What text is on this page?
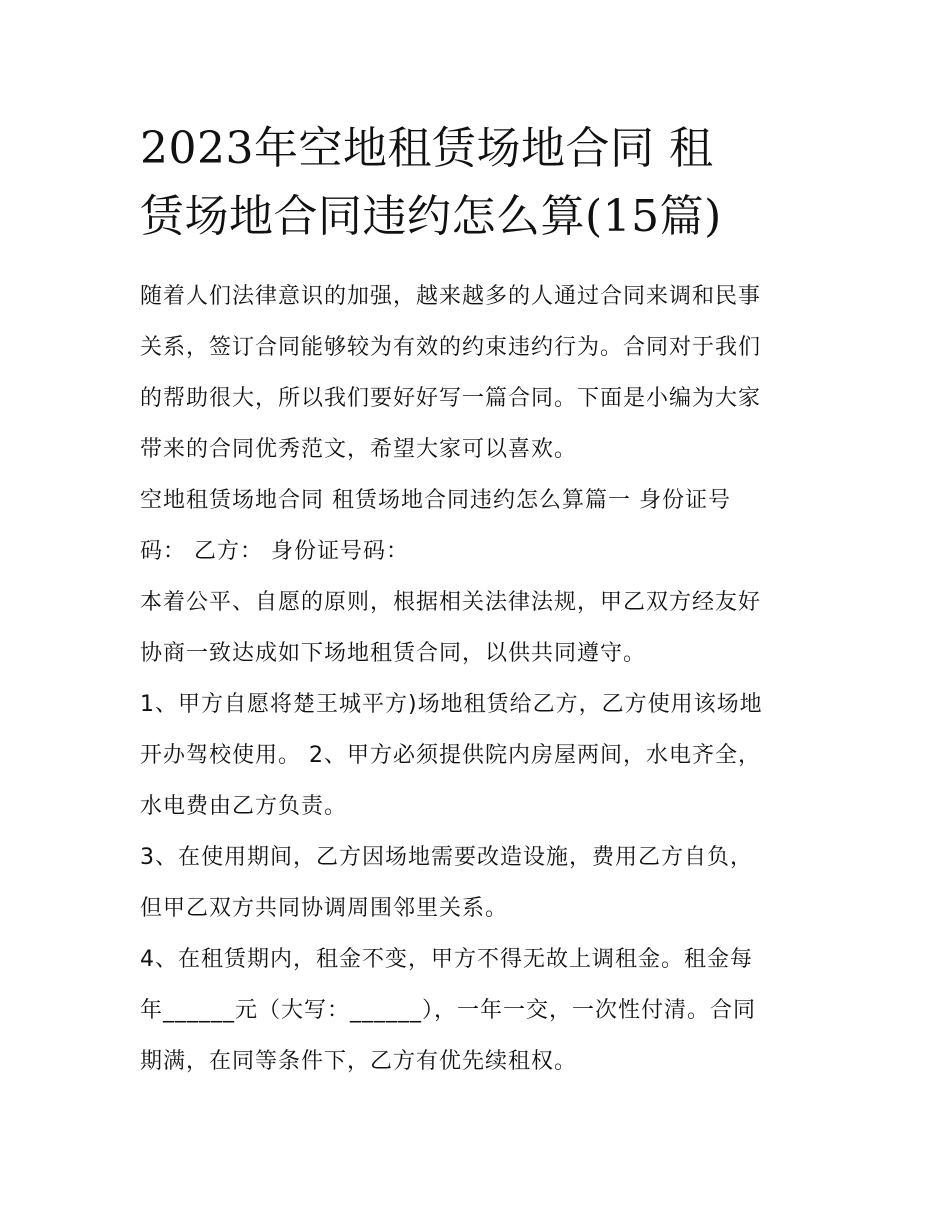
2023年空地租赁场地合同 租
赁场地合同违约怎么算(15篇)

随着人们法律意识的加强，越来越多的人通过合同来调和民事
关系，签订合同能够较为有效的约束违约行为。合同对于我们
的帮助很大，所以我们要好好写一篇合同。下面是小编为大家
带来的合同优秀范文，希望大家可以喜欢。

空地租赁场地合同 租赁场地合同违约怎么算篇一 身份证号
码： 乙方： 身份证号码：

本着公平、自愿的原则，根据相关法律法规，甲乙双方经友好
协商一致达成如下场地租赁合同，以供共同遵守。

1、甲方自愿将楚王城平方)场地租赁给乙方，乙方使用该场地
开办驾校使用。 2、甲方必须提供院内房屋两间，水电齐全，
水电费由乙方负责。

3、在使用期间，乙方因场地需要改造设施，费用乙方自负，
但甲乙双方共同协调周围邻里关系。

4、在租赁期内，租金不变，甲方不得无故上调租金。租金每
年______元（大写：______），一年一交，一次性付清。合同
期满，在同等条件下，乙方有优先续租权。
